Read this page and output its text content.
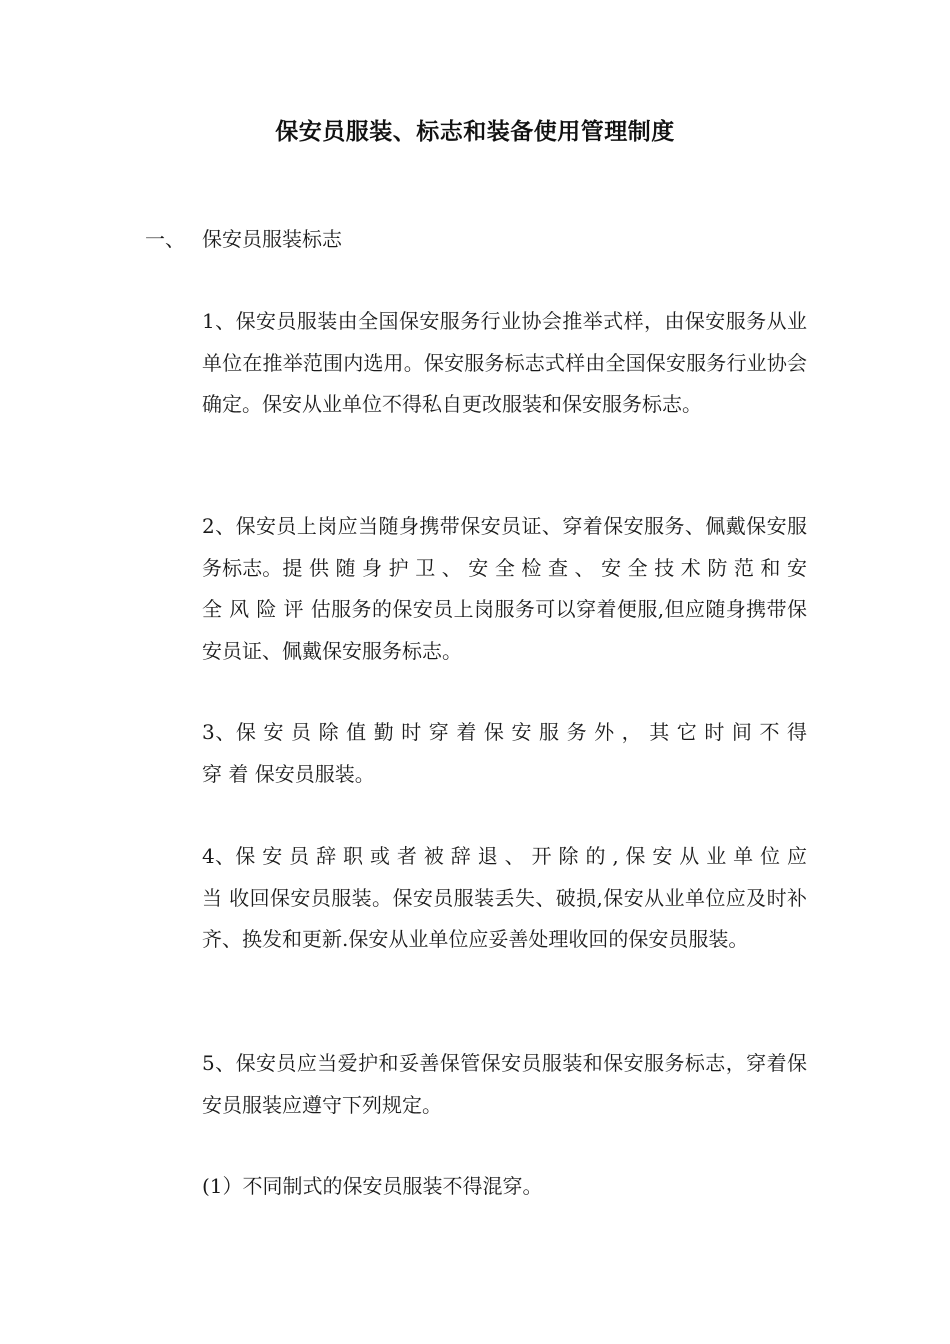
保安员服装、标志和装备使用管理制度
一、 保安员服装标志

1、保安员服装由全国保安服务行业协会推举式样，由保安服务从业单位在推举范围内选用。保安服务标志式样由全国保安服务行业协会确定。保安从业单位不得私自更改服装和保安服务标志。

2、保安员上岗应当随身携带保安员证、穿着保安服务、佩戴保安服务标志。提 供 随 身 护 卫 、 安 全 检 查 、 安 全 技 术 防 范 和 安 全 风 险 评 估服务的保安员上岗服务可以穿着便服,但应随身携带保安员证、佩戴保安服务标志。

3、保 安 员 除 值 勤 时 穿 着 保 安 服 务 外 ， 其 它 时 间 不 得 穿 着 保安员服装。

4、保 安 员 辞 职 或 者 被 辞 退 、 开 除 的 , 保 安 从 业 单 位 应 当 收回保安员服装。保安员服装丢失、破损,保安从业单位应及时补齐、换发和更新.保安从业单位应妥善处理收回的保安员服装。

5、保安员应当爱护和妥善保管保安员服装和保安服务标志，穿着保安员服装应遵守下列规定。

(1）不同制式的保安员服装不得混穿。
